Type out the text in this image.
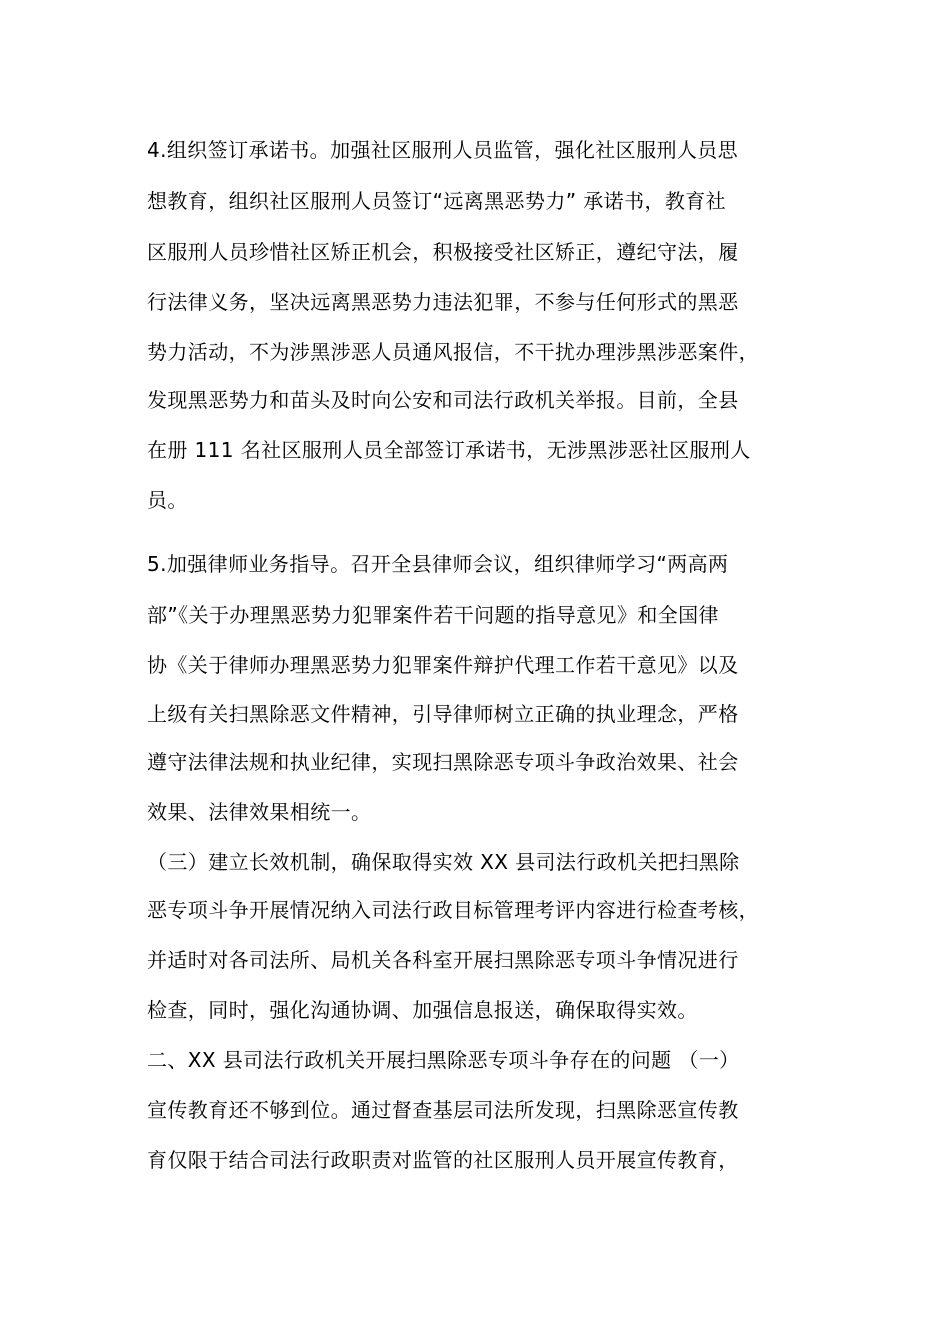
4.组织签订承诺书。加强社区服刑人员监管，强化社区服刑人员思
想教育，组织社区服刑人员签订“远离黑恶势力” 承诺书，教育社
区服刑人员珍惜社区矫正机会，积极接受社区矫正，遵纪守法，履
行法律义务，坚决远离黑恶势力违法犯罪，不参与任何形式的黑恶
势力活动，不为涉黑涉恶人员通风报信，不干扰办理涉黑涉恶案件，
发现黑恶势力和苗头及时向公安和司法行政机关举报。目前，全县
在册 111 名社区服刑人员全部签订承诺书，无涉黑涉恶社区服刑人
员。
5.加强律师业务指导。召开全县律师会议，组织律师学习“两高两
部”《关于办理黑恶势力犯罪案件若干问题的指导意见》和全国律
协《关于律师办理黑恶势力犯罪案件辩护代理工作若干意见》以及
上级有关扫黑除恶文件精神，引导律师树立正确的执业理念，严格
遵守法律法规和执业纪律，实现扫黑除恶专项斗争政治效果、社会
效果、法律效果相统一。
（三）建立长效机制，确保取得实效 XX 县司法行政机关把扫黑除
恶专项斗争开展情况纳入司法行政目标管理考评内容进行检查考核，
并适时对各司法所、局机关各科室开展扫黑除恶专项斗争情况进行
检查，同时，强化沟通协调、加强信息报送，确保取得实效。
二、XX 县司法行政机关开展扫黑除恶专项斗争存在的问题 （一）
宣传教育还不够到位。通过督查基层司法所发现，扫黑除恶宣传教
育仅限于结合司法行政职责对监管的社区服刑人员开展宣传教育，
